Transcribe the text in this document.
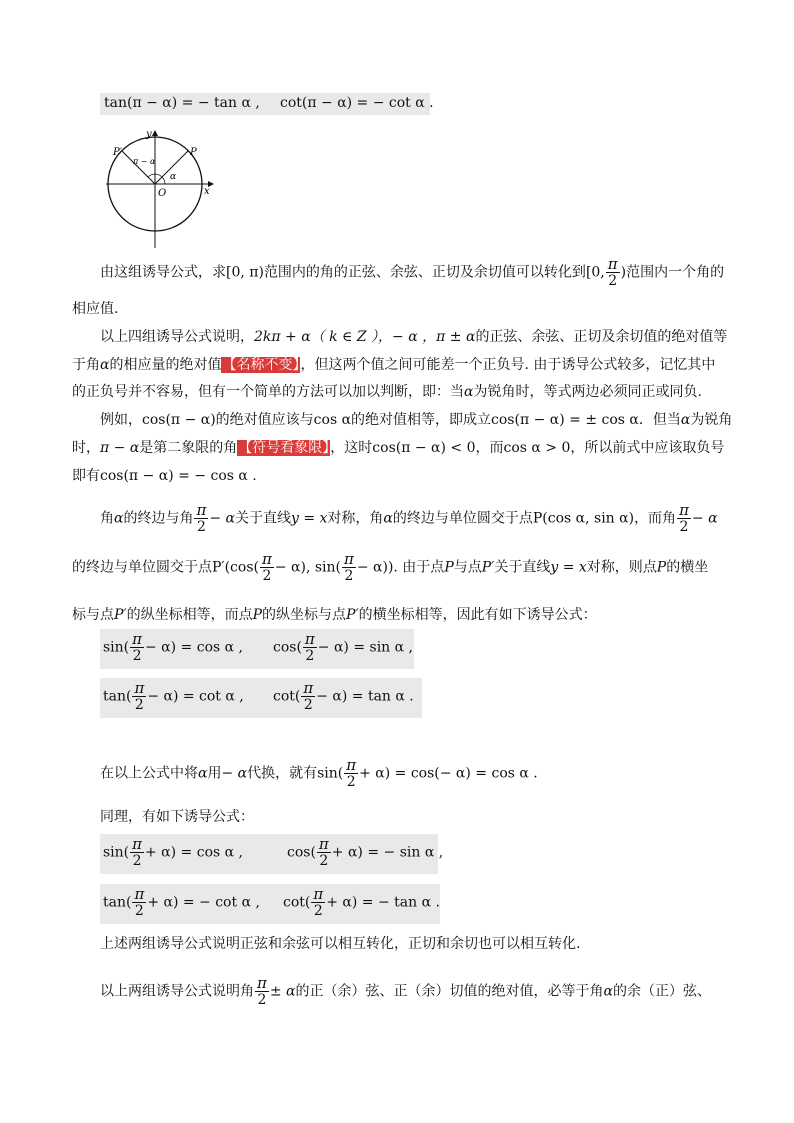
tan(π − α) = − tan α , cot(π − α) = − cot α .
y
x
O
P
P′
π − α
α
由这组诱导公式，求[0, π)范围内的角的正弦、余弦、正切及余切值可以转化到[0, $\frac{\pi}{2}$ )范围内一个角的
相应值.
以上四组诱导公式说明，2kπ + α（ k ∈ Z ），− α ，π ± α的正弦、余弦、正切及余切值的绝对值等
于角α的相应量的绝对值【名称不变】，但这两个值之间可能差一个正负号. 由于诱导公式较多，记忆其中
的正负号并不容易，但有一个简单的方法可以加以判断，即：当α为锐角时，等式两边必须同正或同负.
例如，cos(π − α)的绝对值应该与cos α的绝对值相等，即成立cos(π − α) = ± cos α．但当α为锐角
时，π − α是第二象限的角【符号看象限】，这时cos(π − α) < 0，而cos α > 0，所以前式中应该取负号
即有cos(π − α) = − cos α .
角α的终边与角 $\frac{\pi}{2} - \alpha$关于直线y = x对称，角α的终边与单位圆交于点P(cos α, sin α)，而角 $\frac{\pi}{2} - \alpha$
的终边与单位圆交于点$P'(\cos( \frac{\pi}{2} - \alpha)$, $\sin( \frac{\pi}{2} - \alpha)$). 由于点P与点P′关于直线y = x对称，则点P的横坐
标与点P′的纵坐标相等，而点P的纵坐标与点P′的横坐标相等，因此有如下诱导公式：
$\sin( \frac{\pi}{2} - \alpha) = \cos \alpha$ , $\cos( \frac{\pi}{2} - \alpha) = \sin \alpha$ ,
$\tan( \frac{\pi}{2} - \alpha) = \cot \alpha$ , $\cot( \frac{\pi}{2} - \alpha) = \tan \alpha$ .
在以上公式中将α用− α代换，就有$\sin( \frac{\pi}{2} + \alpha) = \cos(- \alpha) = \cos \alpha$ .
同理，有如下诱导公式：
$\sin( \frac{\pi}{2} + \alpha) = \cos \alpha$ ,	$\cos( \frac{\pi}{2} + \alpha)$ = − sin α ,
$\tan( \frac{\pi}{2} + \alpha)$ = − cot α , $\cot( \frac{\pi}{2} + \alpha)$ = − tan α .
上述两组诱导公式说明正弦和余弦可以相互转化，正切和余切也可以相互转化.
以上两组诱导公式说明角 $\frac{\pi}{2} \pm \alpha$的正（余）弦、正（余）切值的绝对值，必等于角α的余（正）弦、
